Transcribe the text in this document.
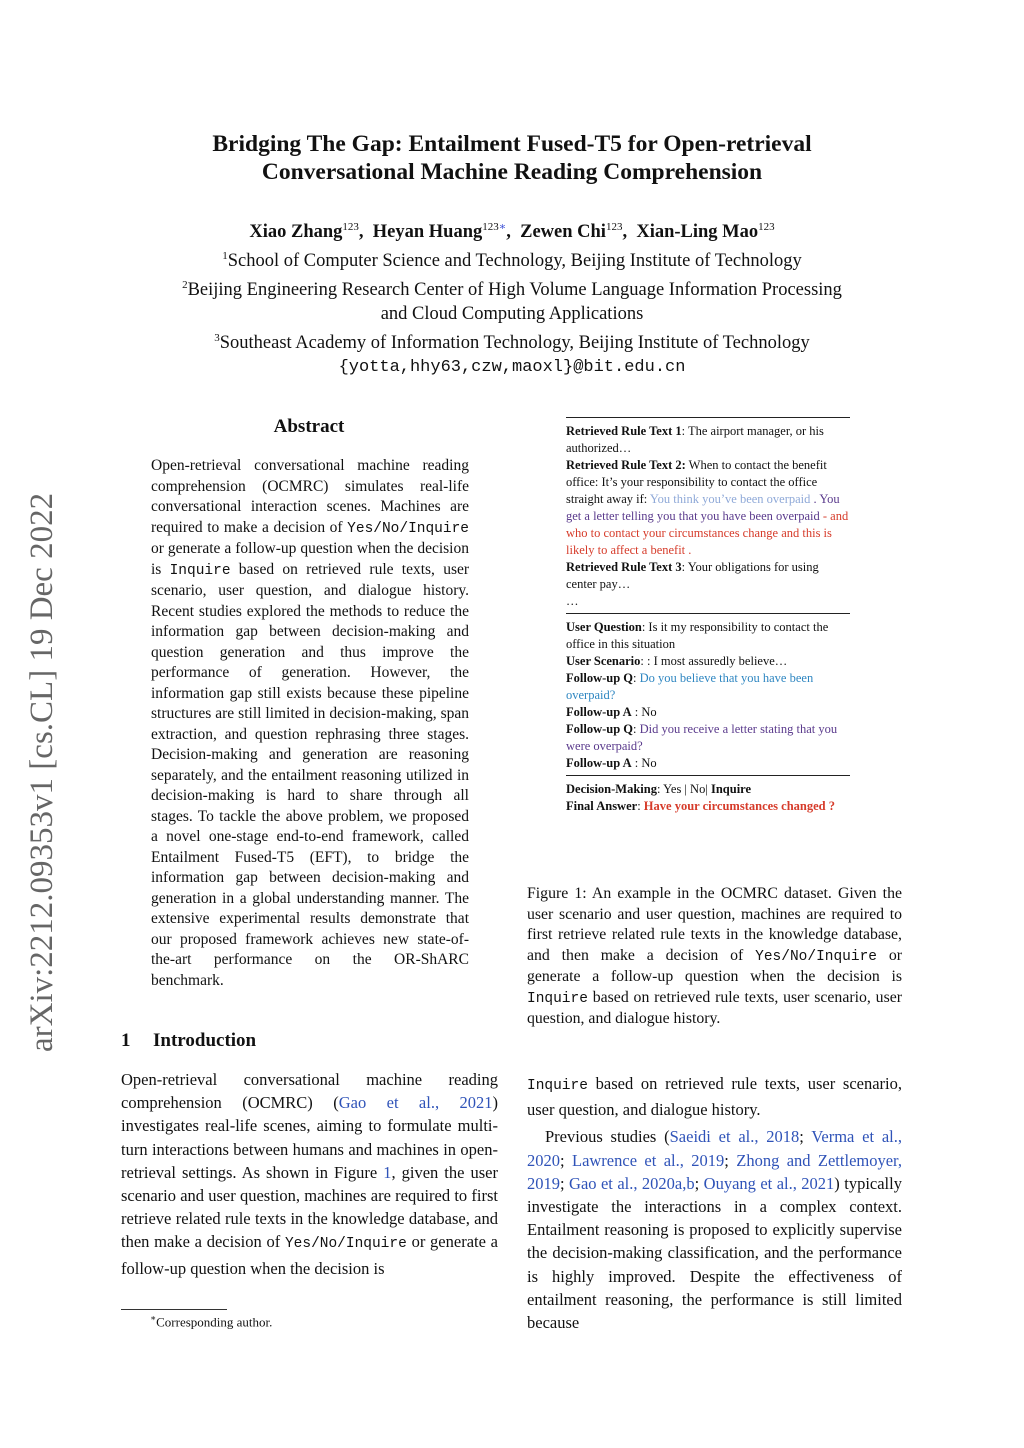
arXiv:2212.09353v1 [cs.CL] 19 Dec 2022
Bridging The Gap: Entailment Fused-T5 for Open-retrieval
Conversational Machine Reading Comprehension
Xiao Zhang$^{123}$,  Heyan Huang$^{123∗}$,  Zewen Chi$^{123}$,  Xian-Ling Mao$^{123}$
$^1$School of Computer Science and Technology, Beijing Institute of Technology
$^2$Beijing Engineering Research Center of High Volume Language Information Processing
and Cloud Computing Applications
$^3$Southeast Academy of Information Technology, Beijing Institute of Technology
{yotta,hhy63,czw,maoxl}@bit.edu.cn
Abstract
Open-retrieval conversational machine reading comprehension (OCMRC) simulates real-life conversational interaction scenes. Machines are required to make a decision of Yes/No/Inquire or generate a follow-up question when the decision is Inquire based on retrieved rule texts, user scenario, user question, and dialogue history. Recent studies explored the methods to reduce the information gap between decision-making and question generation and thus improve the performance of generation. However, the information gap still exists because these pipeline structures are still limited in decision-making, span extraction, and question rephrasing three stages. Decision-making and generation are reasoning separately, and the entailment reasoning utilized in decision-making is hard to share through all stages. To tackle the above problem, we proposed a novel one-stage end-to-end framework, called Entailment Fused-T5 (EFT), to bridge the information gap between decision-making and generation in a global understanding manner. The extensive experimental results demonstrate that our proposed framework achieves new state-of-the-art performance on the OR-ShARC benchmark.
1 Introduction
Open-retrieval conversational machine reading comprehension (OCMRC) (Gao et al., 2021) investigates real-life scenes, aiming to formulate multi-turn interactions between humans and machines in open-retrieval settings. As shown in Figure 1, given the user scenario and user question, machines are required to first retrieve related rule texts in the knowledge database, and then make a decision of Yes/No/Inquire or generate a follow-up question when the decision is
∗Corresponding author.
Retrieved Rule Text 1: The airport manager, or his authorized…
Retrieved Rule Text 2: When to contact the benefit office: It’s your responsibility to contact the office straight away if: You think you’ve been overpaid . You get a letter telling you that you have been overpaid - and who to contact your circumstances change and this is likely to affect a benefit .
Retrieved Rule Text 3: Your obligations for using center pay…
…
User Question: Is it my responsibility to contact the office in this situation
User Scenario: : I most assuredly believe…
Follow-up Q: Do you believe that you have been overpaid?
Follow-up A : No
Follow-up Q: Did you receive a letter stating that you were overpaid?
Follow-up A : No
Decision-Making: Yes | No| Inquire
Final Answer: Have your circumstances changed ?
Figure 1: An example in the OCMRC dataset. Given the user scenario and user question, machines are required to first retrieve related rule texts in the knowledge database, and then make a decision of Yes/No/Inquire or generate a follow-up question when the decision is Inquire based on retrieved rule texts, user scenario, user question, and dialogue history.

Inquire based on retrieved rule texts, user scenario, user question, and dialogue history.

Previous studies (Saeidi et al., 2018; Verma et al., 2020; Lawrence et al., 2019; Zhong and Zettlemoyer, 2019; Gao et al., 2020a,b; Ouyang et al., 2021) typically investigate the interactions in a complex context. Entailment reasoning is proposed to explicitly supervise the decision-making classification, and the performance is highly improved. Despite the effectiveness of entailment reasoning, the performance is still limited because
